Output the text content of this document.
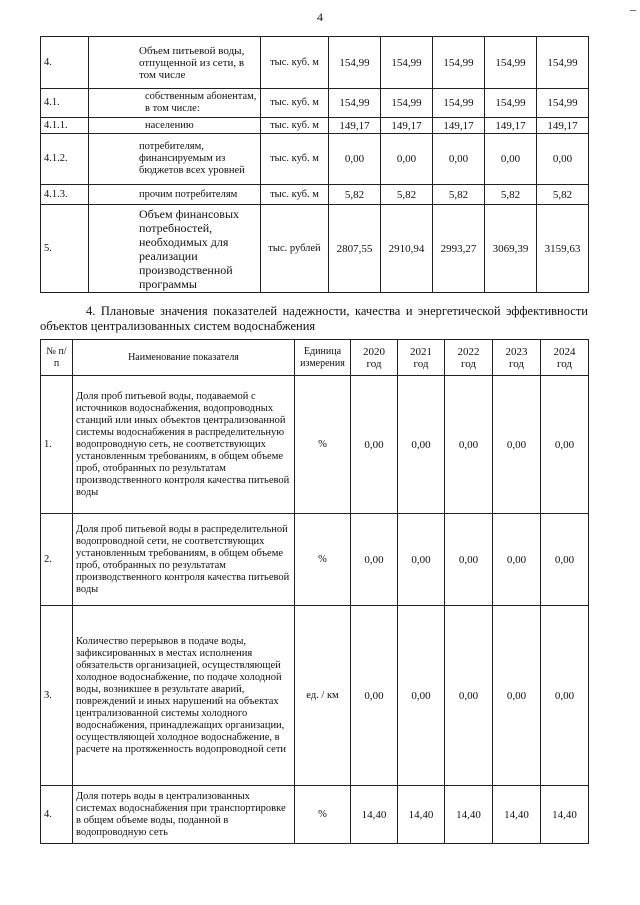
4
–
4.	Объем питьевой воды, отпущенной из сети, в том числе	тыс. куб. м	154,99	154,99	154,99	154,99	154,99
4.1.	собственным абонентам, в том числе:	тыс. куб. м	154,99	154,99	154,99	154,99	154,99
4.1.1.	населению	тыс. куб. м	149,17	149,17	149,17	149,17	149,17
4.1.2.	потребителям, финансируемым из бюджетов всех уровней	тыс. куб. м	0,00	0,00	0,00	0,00	0,00
4.1.3.	прочим потребителям	тыс. куб. м	5,82	5,82	5,82	5,82	5,82
5.	Объем финансовых потребностей, необходимых для реализации производственной программы	тыс. рублей	2807,55	2910,94	2993,27	3069,39	3159,63
4. Плановые значения показателей надежности, качества и энергетической эффективности объектов централизованных систем водоснабжения
№ п/п	Наименование показателя	Единица измерения	2020 год	2021 год	2022 год	2023 год	2024 год
1.	Доля проб питьевой воды, подаваемой с источников водоснабжения, водопроводных станций или иных объектов централизованной системы водоснабжения в распределительную водопроводную сеть, не соответствующих установленным требованиям, в общем объеме проб, отобранных по результатам производственного контроля качества питьевой воды	%	0,00	0,00	0,00	0,00	0,00
2.	Доля проб питьевой воды в распределительной водопроводной сети, не соответствующих установленным требованиям, в общем объеме проб, отобранных по результатам производственного контроля качества питьевой воды	%	0,00	0,00	0,00	0,00	0,00
3.	Количество перерывов в подаче воды, зафиксированных в местах исполнения обязательств организацией, осуществляющей холодное водоснабжение, по подаче холодной воды, возникшее в результате аварий, повреждений и иных нарушений на объектах централизованной системы холодного водоснабжения, принадлежащих организации, осуществляющей холодное водоснабжение, в расчете на протяженность водопроводной сети	ед. / км	0,00	0,00	0,00	0,00	0,00
4.	Доля потерь воды в централизованных системах водоснабжения при транспортировке в общем объеме воды, поданной в водопроводную сеть	%	14,40	14,40	14,40	14,40	14,40
